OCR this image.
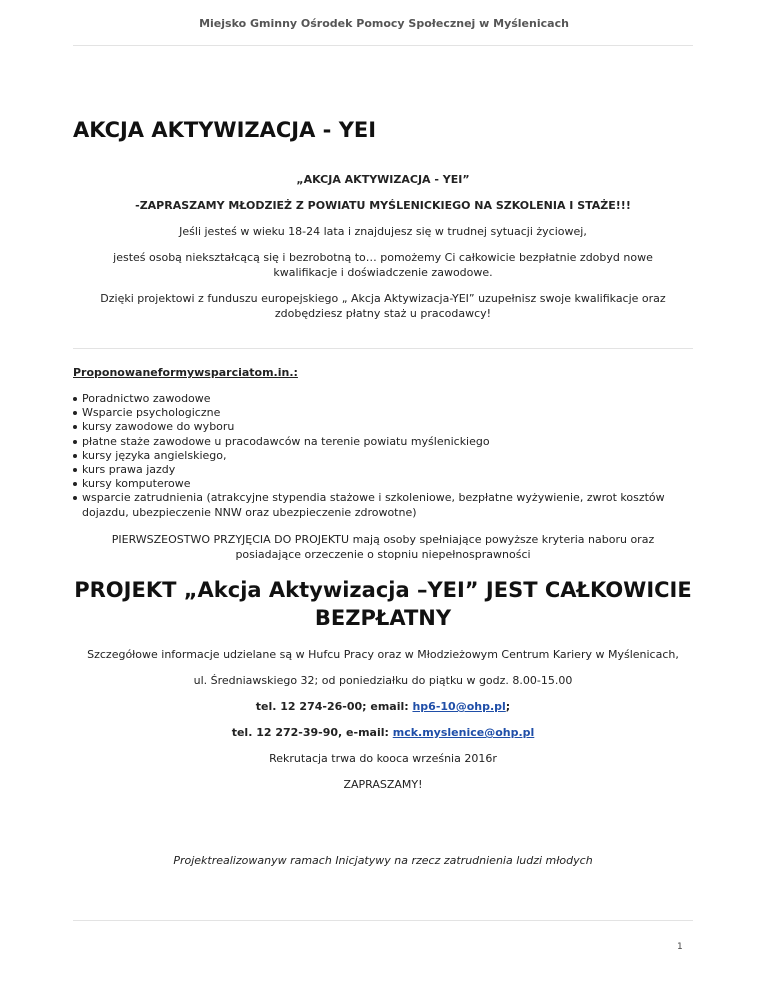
Miejsko Gminny Ośrodek Pomocy Społecznej w Myślenicach
AKCJA AKTYWIZACJA - YEI

„AKCJA AKTYWIZACJA - YEI”

-ZAPRASZAMY MŁODZIEŻ Z POWIATU MYŚLENICKIEGO NA SZKOLENIA I STAŻE!!!

Jeśli jesteś w wieku 18-24 lata i znajdujesz się w trudnej sytuacji życiowej,

jesteś osobą niekształcącą się i bezrobotną to… pomożemy Ci całkowicie bezpłatnie zdobyd nowe kwalifikacje i doświadczenie zawodowe.

Dzięki projektowi z funduszu europejskiego „ Akcja Aktywizacja-YEI” uzupełnisz swoje kwalifikacje oraz zdobędziesz płatny staż u pracodawcy!

Proponowaneformywsparciatom.in.:

Poradnictwo zawodowe
Wsparcie psychologiczne
kursy zawodowe do wyboru
płatne staże zawodowe u pracodawców na terenie powiatu myślenickiego
kursy języka angielskiego,
kurs prawa jazdy
kursy komputerowe
wsparcie zatrudnienia (atrakcyjne stypendia stażowe i szkoleniowe, bezpłatne wyżywienie, zwrot kosztów dojazdu, ubezpieczenie NNW oraz ubezpieczenie zdrowotne)

PIERWSZEOSTWO PRZYJĘCIA DO PROJEKTU mają osoby spełniające powyższe kryteria naboru oraz posiadające orzeczenie o stopniu niepełnosprawności

PROJEKT „Akcja Aktywizacja –YEI” JEST CAŁKOWICIE BEZPŁATNY

Szczegółowe informacje udzielane są w Hufcu Pracy oraz w Młodzieżowym Centrum Kariery w Myślenicach,

ul. Średniawskiego 32; od poniedziałku do piątku w godz. 8.00-15.00

tel. 12 274-26-00; email: hp6-10@ohp.pl;

tel. 12 272-39-90, e-mail: mck.myslenice@ohp.pl

Rekrutacja trwa do kooca września 2016r

ZAPRASZAMY!

Projektrealizowanyw ramach Inicjatywy na rzecz zatrudnienia ludzi młodych

1
